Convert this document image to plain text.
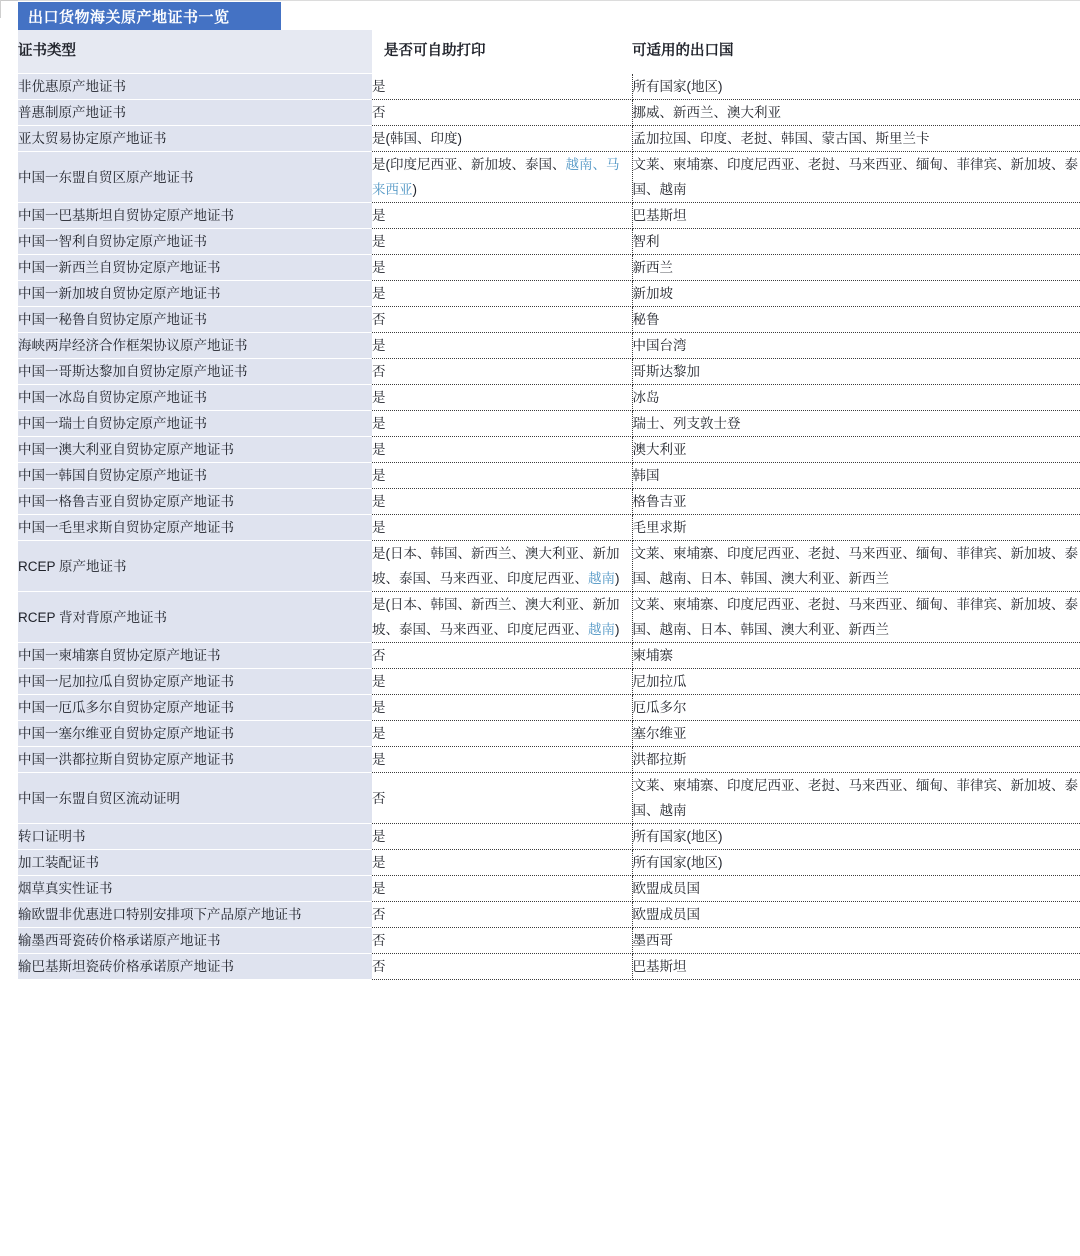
出口货物海关原产地证书一览
证书类型	是否可自助打印	可适用的出口国
非优惠原产地证书	是	所有国家(地区)
普惠制原产地证书	否	挪威、新西兰、澳大利亚
亚太贸易协定原产地证书	是(韩国、印度)	孟加拉国、印度、老挝、韩国、蒙古国、斯里兰卡
中国一东盟自贸区原产地证书	是(印度尼西亚、新加坡、泰国、越南、马来西亚)	文莱、柬埔寨、印度尼西亚、老挝、马来西亚、缅甸、菲律宾、新加坡、泰国、越南
中国一巴基斯坦自贸协定原产地证书	是	巴基斯坦
中国一智利自贸协定原产地证书	是	智利
中国一新西兰自贸协定原产地证书	是	新西兰
中国一新加坡自贸协定原产地证书	是	新加坡
中国一秘鲁自贸协定原产地证书	否	秘鲁
海峡两岸经济合作框架协议原产地证书	是	中国台湾
中国一哥斯达黎加自贸协定原产地证书	否	哥斯达黎加
中国一冰岛自贸协定原产地证书	是	冰岛
中国一瑞士自贸协定原产地证书	是	瑞士、列支敦士登
中国一澳大利亚自贸协定原产地证书	是	澳大利亚
中国一韩国自贸协定原产地证书	是	韩国
中国一格鲁吉亚自贸协定原产地证书	是	格鲁吉亚
中国一毛里求斯自贸协定原产地证书	是	毛里求斯
RCEP 原产地证书	是(日本、韩国、新西兰、澳大利亚、新加坡、泰国、马来西亚、印度尼西亚、越南)	文莱、柬埔寨、印度尼西亚、老挝、马来西亚、缅甸、菲律宾、新加坡、泰国、越南、日本、韩国、澳大利亚、新西兰
RCEP 背对背原产地证书	是(日本、韩国、新西兰、澳大利亚、新加坡、泰国、马来西亚、印度尼西亚、越南)	文莱、柬埔寨、印度尼西亚、老挝、马来西亚、缅甸、菲律宾、新加坡、泰国、越南、日本、韩国、澳大利亚、新西兰
中国一柬埔寨自贸协定原产地证书	否	柬埔寨
中国一尼加拉瓜自贸协定原产地证书	是	尼加拉瓜
中国一厄瓜多尔自贸协定原产地证书	是	厄瓜多尔
中国一塞尔维亚自贸协定原产地证书	是	塞尔维亚
中国一洪都拉斯自贸协定原产地证书	是	洪都拉斯
中国一东盟自贸区流动证明	否	文莱、柬埔寨、印度尼西亚、老挝、马来西亚、缅甸、菲律宾、新加坡、泰国、越南
转口证明书	是	所有国家(地区)
加工装配证书	是	所有国家(地区)
烟草真实性证书	是	欧盟成员国
输欧盟非优惠进口特别安排项下产品原产地证书	否	欧盟成员国
输墨西哥瓷砖价格承诺原产地证书	否	墨西哥
输巴基斯坦瓷砖价格承诺原产地证书	否	巴基斯坦
